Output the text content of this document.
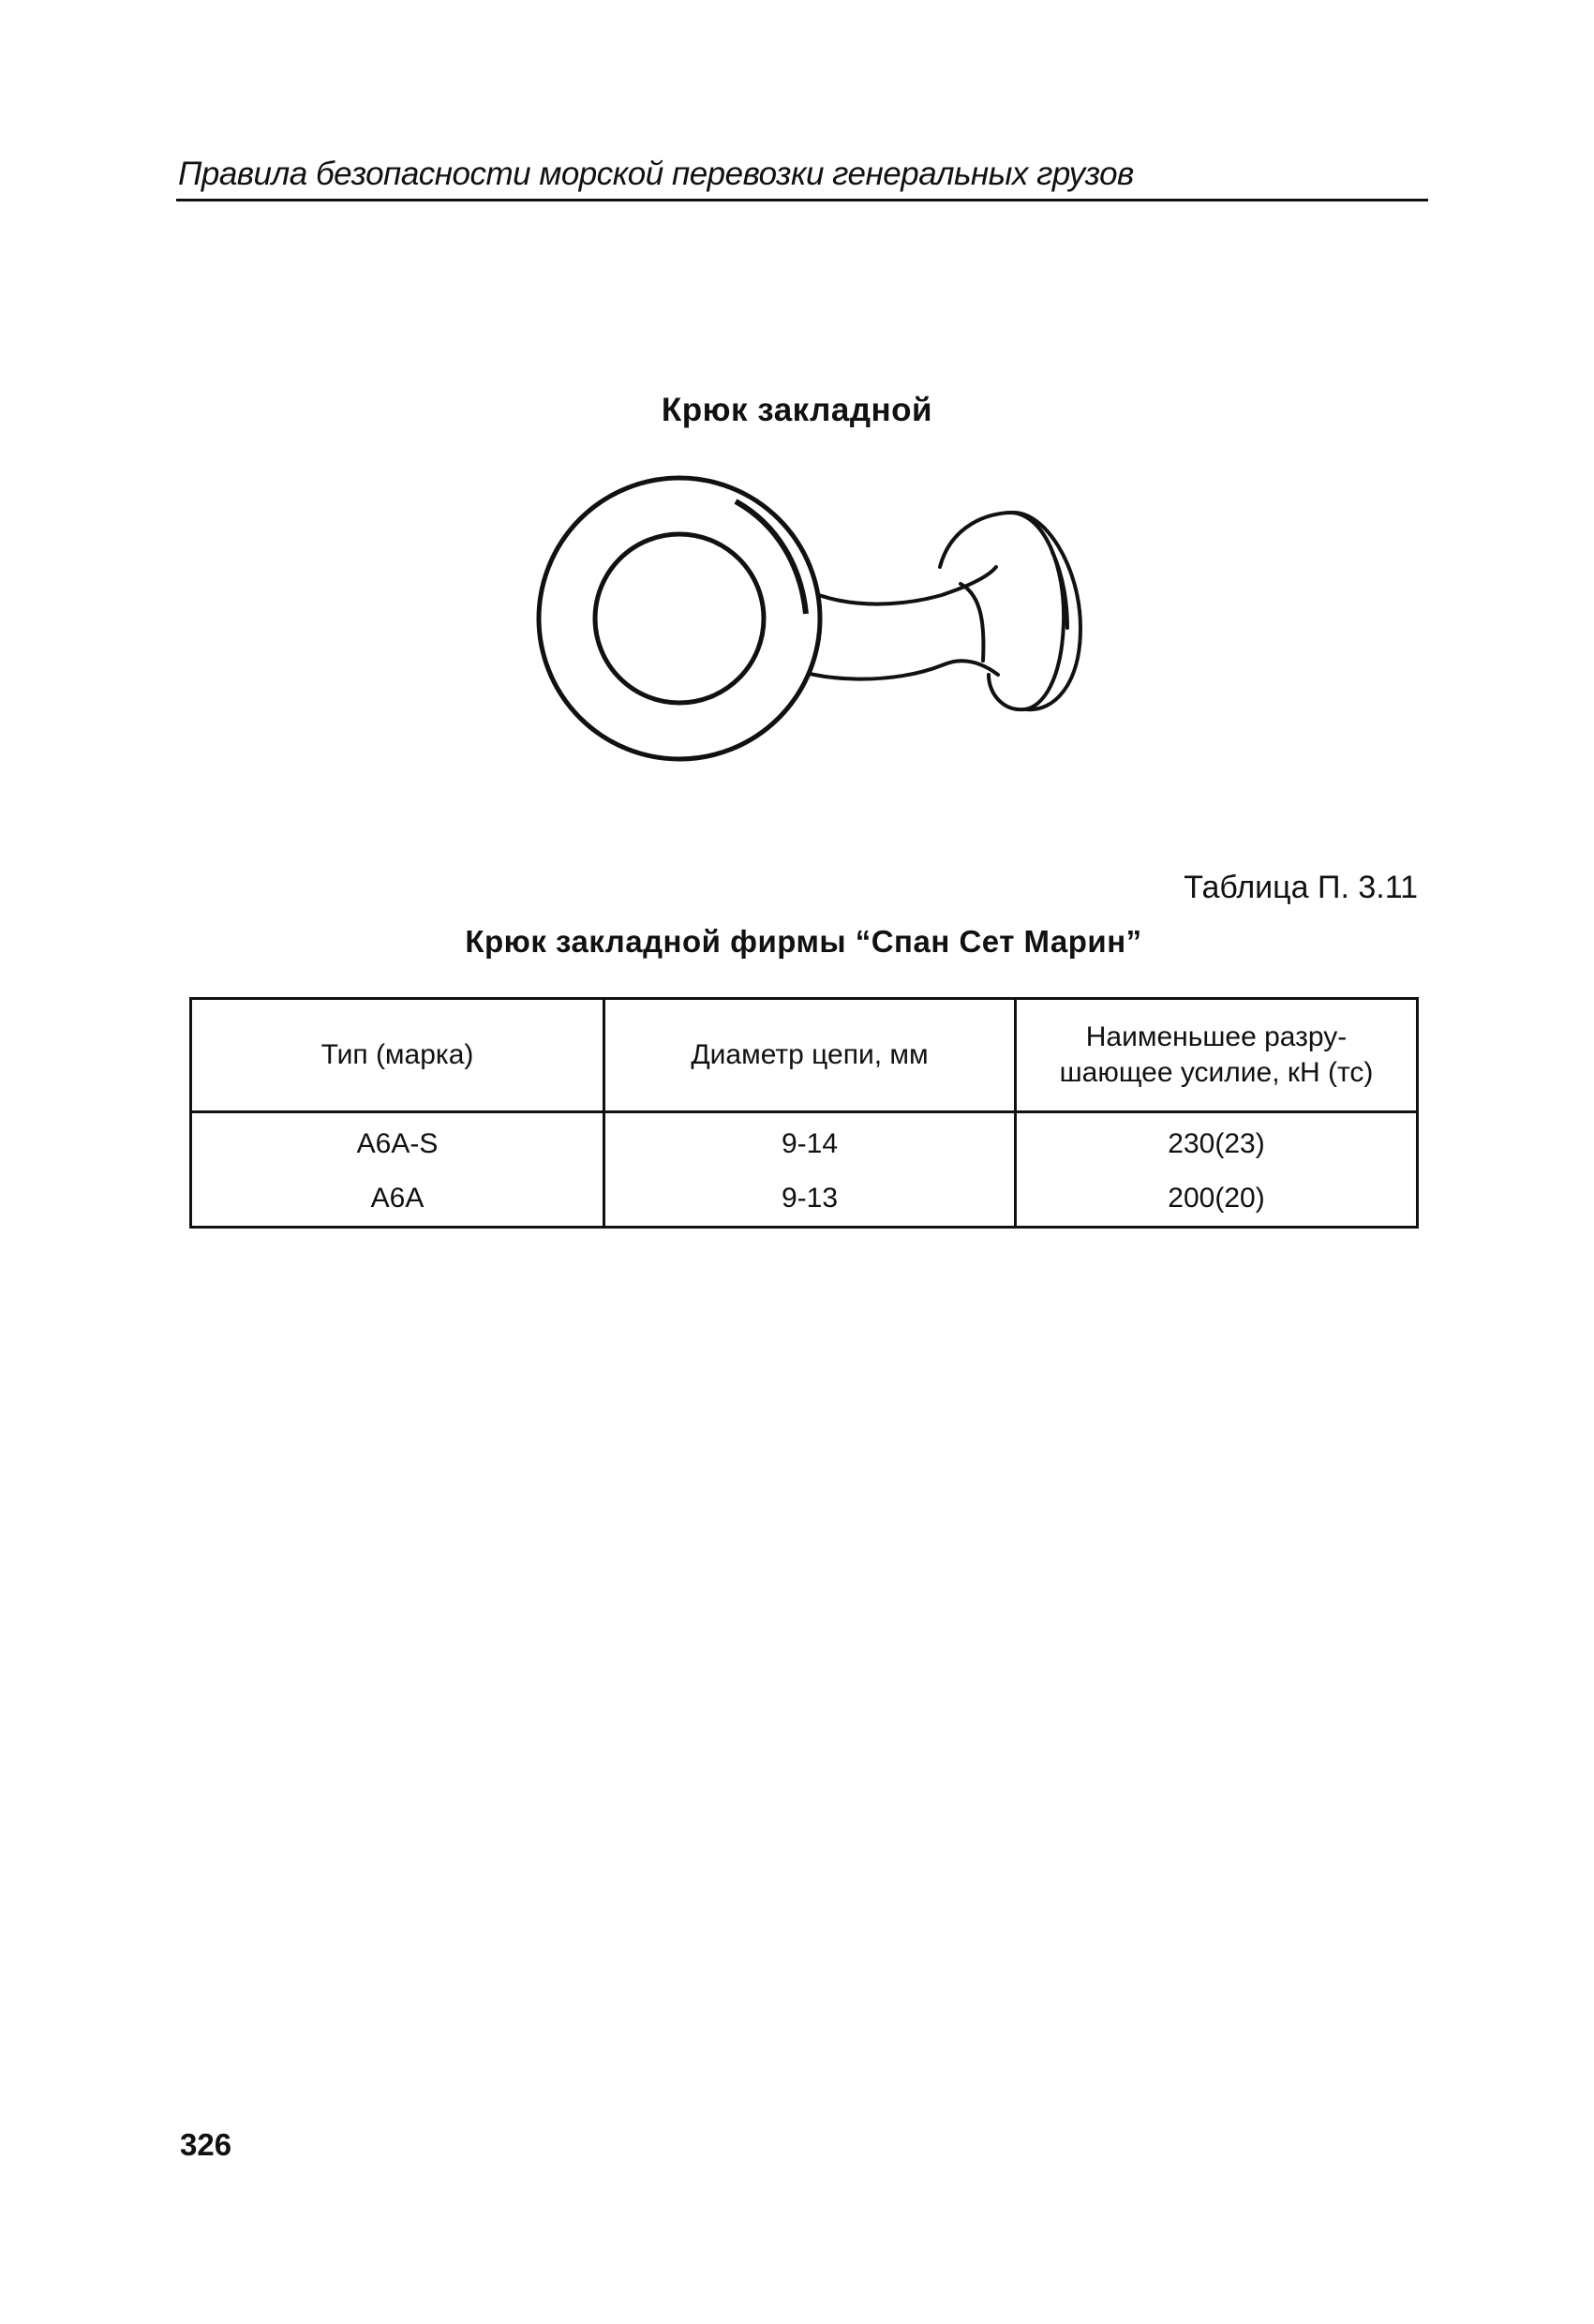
Правила безопасности морской перевозки генеральных грузов
Крюк закладной
Таблица П. 3.11
Крюк закладной фирмы “Спан Сет Марин”
Тип (марка)	Диаметр цепи, мм	Наименьшее разру-
шающее усилие, кН (тс)
A6A-S	9-14	230(23)
A6A	9-13	200(20)
326
